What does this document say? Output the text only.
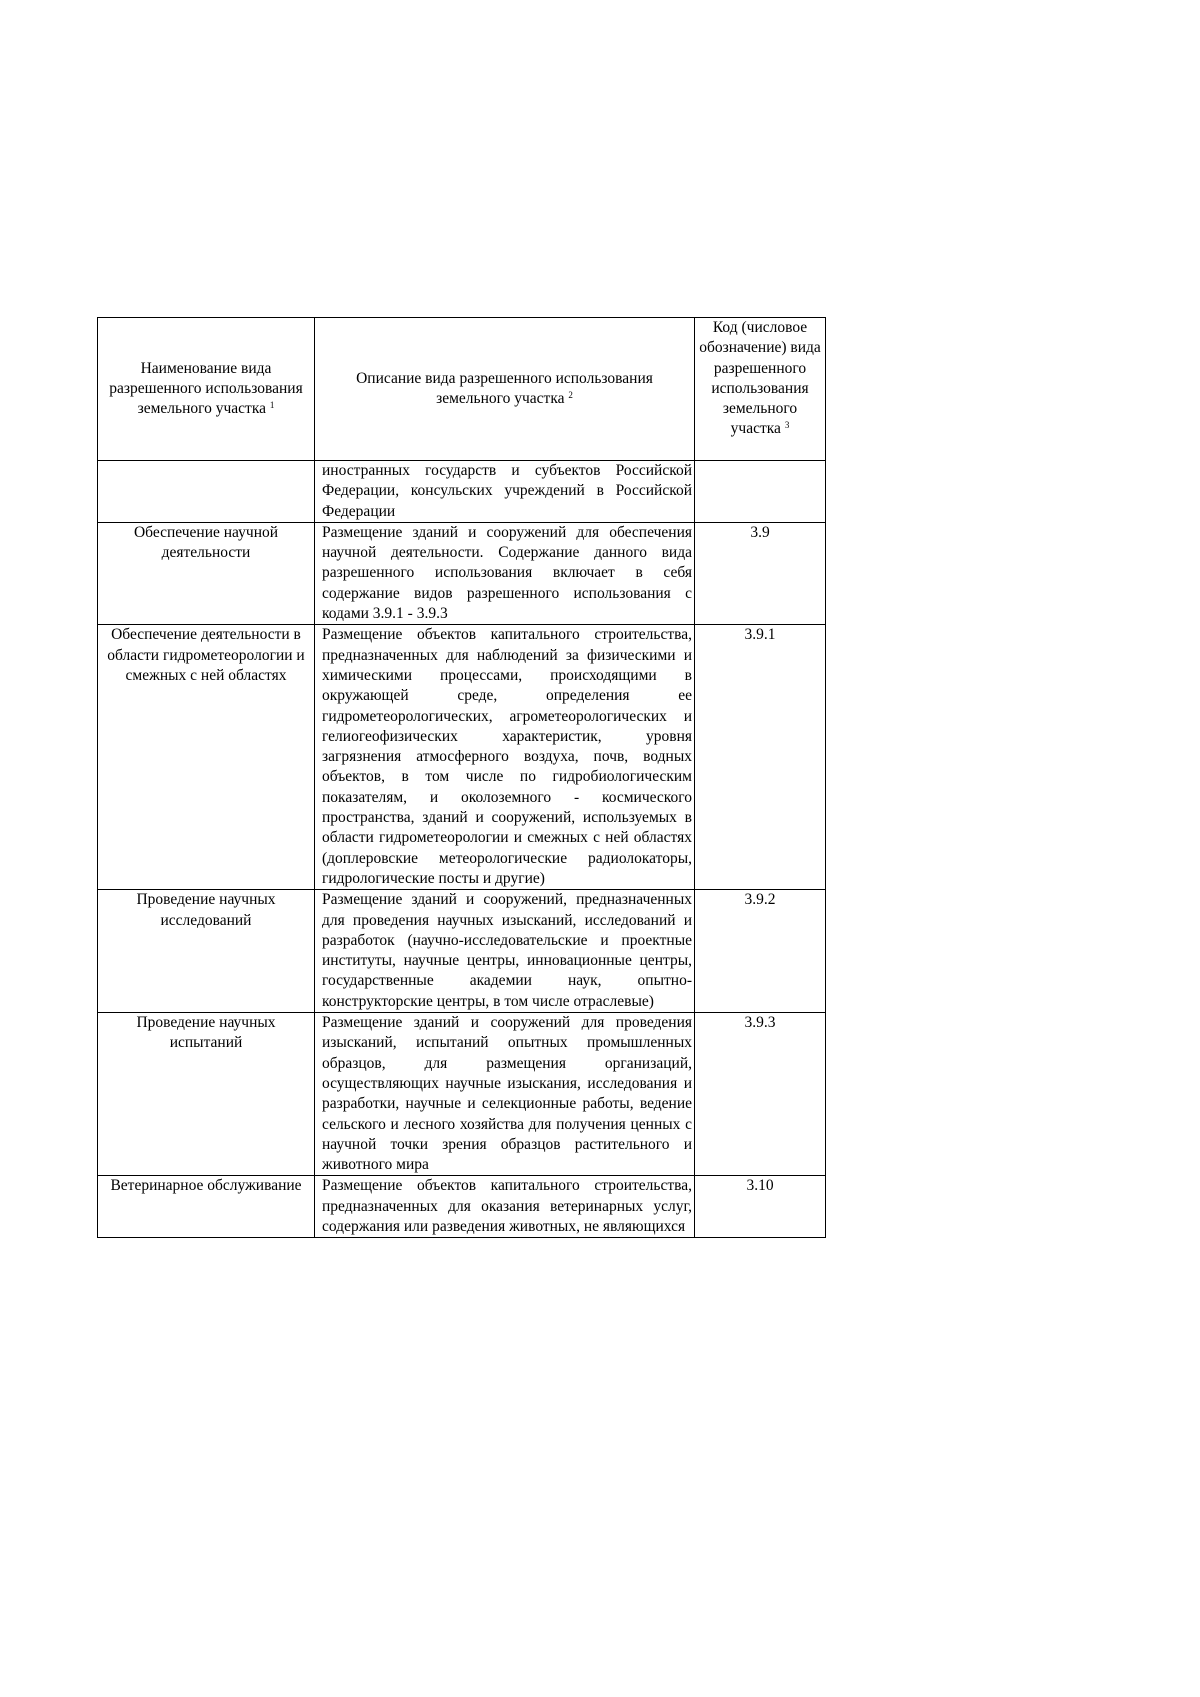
Наименование вида разрешенного использования земельного участка $^1$	Описание вида разрешенного использования земельного участка $^2$	Код (числовое обозначение) вида разрешенного использования земельного участка $^3$
	иностранных государств и субъектов Российской Федерации, консульских учреждений в Российской Федерации	
Обеспечение научной деятельности	Размещение зданий и сооружений для обеспечения научной деятельности. Содержание данного вида разрешенного использования включает в себя содержание видов разрешенного использования с кодами 3.9.1 - 3.9.3	3.9
Обеспечение деятельности в области гидрометеорологии и смежных с ней областях	Размещение объектов капитального строительства, предназначенных для наблюдений за физическими и химическими процессами, происходящими в окружающей среде, определения ее гидрометеорологических, агрометеорологических и гелиогеофизических характеристик, уровня загрязнения атмосферного воздуха, почв, водных объектов, в том числе по гидробиологическим показателям, и околоземного - космического пространства, зданий и сооружений, используемых в области гидрометеорологии и смежных с ней областях (доплеровские метеорологические радиолокаторы, гидрологические посты и другие)	3.9.1
Проведение научных исследований	Размещение зданий и сооружений, предназначенных для проведения научных изысканий, исследований и разработок (научно-исследовательские и проектные институты, научные центры, инновационные центры, государственные академии наук, опытно-конструкторские центры, в том числе отраслевые)	3.9.2
Проведение научных испытаний	Размещение зданий и сооружений для проведения изысканий, испытаний опытных промышленных образцов, для размещения организаций, осуществляющих научные изыскания, исследования и разработки, научные и селекционные работы, ведение сельского и лесного хозяйства для получения ценных с научной точки зрения образцов растительного и животного мира	3.9.3
Ветеринарное обслуживание	Размещение объектов капитального строительства, предназначенных для оказания ветеринарных услуг, содержания или разведения животных, не являющихся	3.10
